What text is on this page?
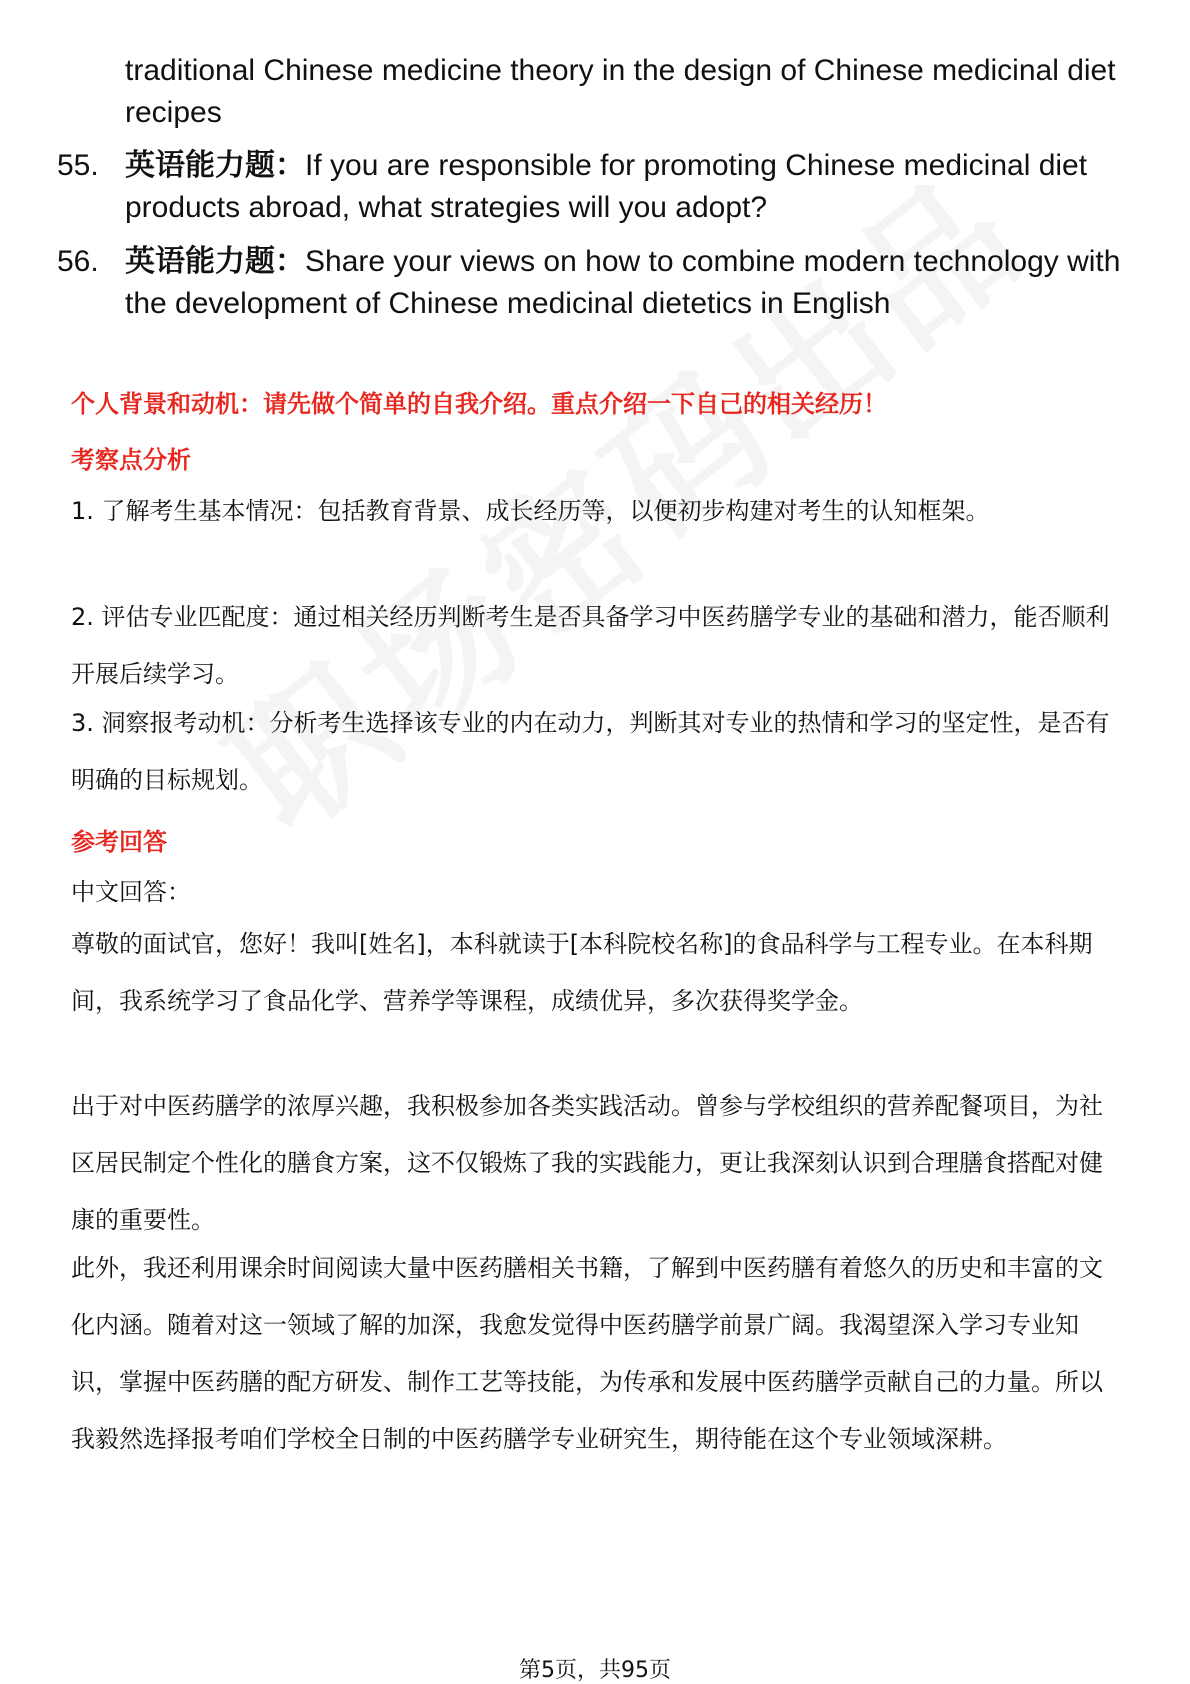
traditional Chinese medicine theory in the design of Chinese medicinal diet recipes
55. 英语能力题：If you are responsible for promoting Chinese medicinal diet products abroad, what strategies will you adopt?
56. 英语能力题：Share your views on how to combine modern technology with the development of Chinese medicinal dietetics in English
个人背景和动机：请先做个简单的自我介绍。重点介绍一下自己的相关经历！
考察点分析
1. 了解考生基本情况：包括教育背景、成长经历等，以便初步构建对考生的认知框架。
2. 评估专业匹配度：通过相关经历判断考生是否具备学习中医药膳学专业的基础和潜力，能否顺利开展后续学习。
3. 洞察报考动机：分析考生选择该专业的内在动力，判断其对专业的热情和学习的坚定性，是否有明确的目标规划。
参考回答
中文回答：
尊敬的面试官，您好！我叫[姓名]，本科就读于[本科院校名称]的食品科学与工程专业。在本科期间，我系统学习了食品化学、营养学等课程，成绩优异，多次获得奖学金。
出于对中医药膳学的浓厚兴趣，我积极参加各类实践活动。曾参与学校组织的营养配餐项目，为社区居民制定个性化的膳食方案，这不仅锻炼了我的实践能力，更让我深刻认识到合理膳食搭配对健康的重要性。
此外，我还利用课余时间阅读大量中医药膳相关书籍，了解到中医药膳有着悠久的历史和丰富的文化内涵。随着对这一领域了解的加深，我愈发觉得中医药膳学前景广阔。我渴望深入学习专业知识，掌握中医药膳的配方研发、制作工艺等技能，为传承和发展中医药膳学贡献自己的力量。所以我毅然选择报考咱们学校全日制的中医药膳学专业研究生，期待能在这个专业领域深耕。
第5页，共95页
